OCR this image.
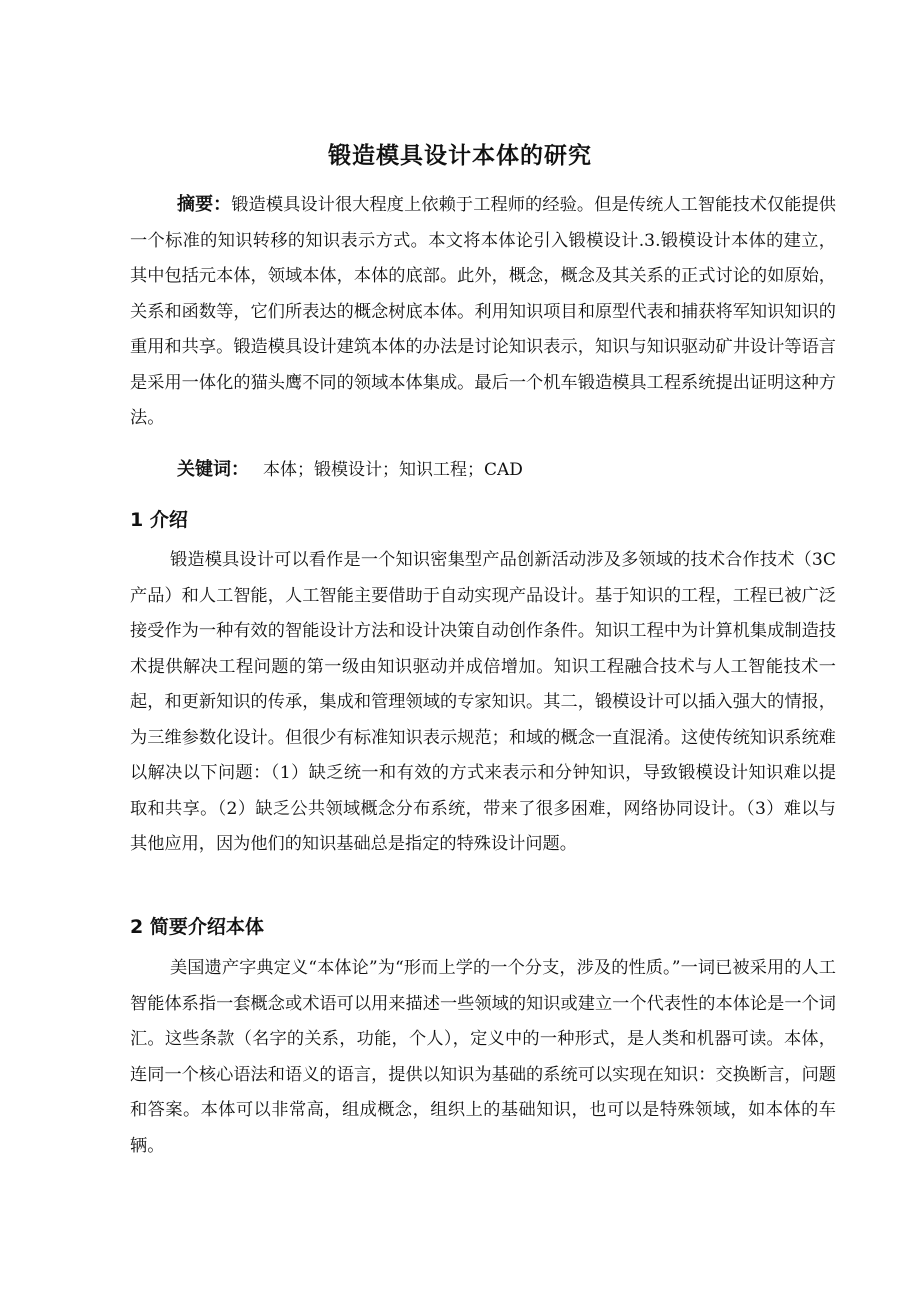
锻造模具设计本体的研究

摘要：锻造模具设计很大程度上依赖于工程师的经验。但是传统人工智能技术仅能提供一个标准的知识转移的知识表示方式。本文将本体论引入锻模设计.3.锻模设计本体的建立，其中包括元本体，领域本体，本体的底部。此外，概念，概念及其关系的正式讨论的如原始，关系和函数等，它们所表达的概念树底本体。利用知识项目和原型代表和捕获将军知识知识的重用和共享。锻造模具设计建筑本体的办法是讨论知识表示，知识与知识驱动矿井设计等语言是采用一体化的猫头鹰不同的领域本体集成。最后一个机车锻造模具工程系统提出证明这种方法。

关键词： 本体；锻模设计；知识工程；CAD

1 介绍

锻造模具设计可以看作是一个知识密集型产品创新活动涉及多领域的技术合作技术（3C 产品）和人工智能，人工智能主要借助于自动实现产品设计。基于知识的工程，工程已被广泛接受作为一种有效的智能设计方法和设计决策自动创作条件。知识工程中为计算机集成制造技术提供解决工程问题的第一级由知识驱动并成倍增加。知识工程融合技术与人工智能技术一起，和更新知识的传承，集成和管理领域的专家知识。其二，锻模设计可以插入强大的情报，为三维参数化设计。但很少有标准知识表示规范；和域的概念一直混淆。这使传统知识系统难以解决以下问题：（1）缺乏统一和有效的方式来表示和分钟知识，导致锻模设计知识难以提取和共享。（2）缺乏公共领域概念分布系统，带来了很多困难，网络协同设计。（3）难以与其他应用，因为他们的知识基础总是指定的特殊设计问题。

2 简要介绍本体

美国遗产字典定义“本体论”为“形而上学的一个分支，涉及的性质。”一词已被采用的人工智能体系指一套概念或术语可以用来描述一些领域的知识或建立一个代表性的本体论是一个词汇。这些条款（名字的关系，功能，个人），定义中的一种形式，是人类和机器可读。本体，连同一个核心语法和语义的语言，提供以知识为基础的系统可以实现在知识：交换断言，问题和答案。本体可以非常高，组成概念，组织上的基础知识，也可以是特殊领域，如本体的车辆。
